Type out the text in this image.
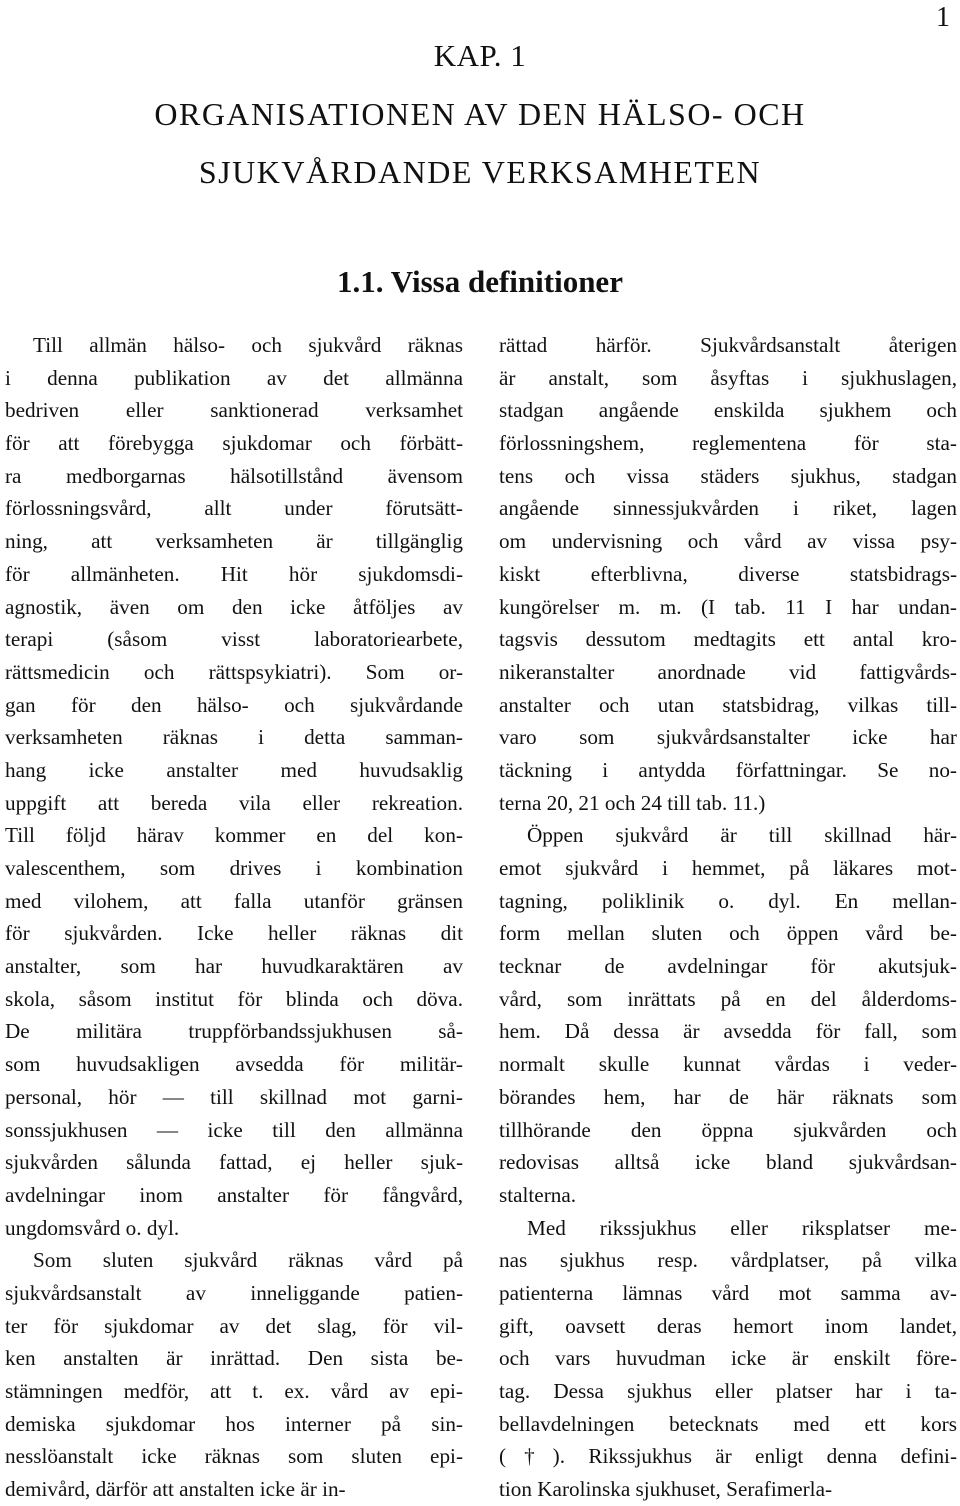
1
KAP. 1
ORGANISATIONEN AV DEN HÄLSO- OCH
SJUKVÅRDANDE VERKSAMHETEN
1.1. Vissa definitioner
Till allmän hälso- och sjukvård räknas
i denna publikation av det allmänna
bedriven eller sanktionerad verksamhet
för att förebygga sjukdomar och förbätt-
ra medborgarnas hälsotillstånd ävensom
förlossningsvård, allt under förutsätt-
ning, att verksamheten är tillgänglig
för allmänheten. Hit hör sjukdomsdi-
agnostik, även om den icke åtföljes av
terapi (såsom visst laboratoriearbete,
rättsmedicin och rättspsykiatri). Som or-
gan för den hälso- och sjukvårdande
verksamheten räknas i detta samman-
hang icke anstalter med huvudsaklig
uppgift att bereda vila eller rekreation.
Till följd härav kommer en del kon-
valescenthem, som drives i kombination
med vilohem, att falla utanför gränsen
för sjukvården. Icke heller räknas dit
anstalter, som har huvudkaraktären av
skola, såsom institut för blinda och döva.
De militära truppförbandssjukhusen så-
som huvudsakligen avsedda för militär-
personal, hör — till skillnad mot garni-
sonssjukhusen — icke till den allmänna
sjukvården sålunda fattad, ej heller sjuk-
avdelningar inom anstalter för fångvård,
ungdomsvård o. dyl.
Som sluten sjukvård räknas vård på
sjukvårdsanstalt av inneliggande patien-
ter för sjukdomar av det slag, för vil-
ken anstalten är inrättad. Den sista be-
stämningen medför, att t. ex. vård av epi-
demiska sjukdomar hos interner på sin-
nesslöanstalt icke räknas som sluten epi-
demivård, därför att anstalten icke är in-
rättad härför. Sjukvårdsanstalt återigen
är anstalt, som åsyftas i sjukhuslagen,
stadgan angående enskilda sjukhem och
förlossningshem, reglementena för sta-
tens och vissa städers sjukhus, stadgan
angående sinnessjukvården i riket, lagen
om undervisning och vård av vissa psy-
kiskt efterblivna, diverse statsbidrags-
kungörelser m. m. (I tab. 11 I har undan-
tagsvis dessutom medtagits ett antal kro-
nikeranstalter anordnade vid fattigvårds-
anstalter och utan statsbidrag, vilkas till-
varo som sjukvårdsanstalter icke har
täckning i antydda författningar. Se no-
terna 20, 21 och 24 till tab. 11.)
Öppen sjukvård är till skillnad här-
emot sjukvård i hemmet, på läkares mot-
tagning, poliklinik o. dyl. En mellan-
form mellan sluten och öppen vård be-
tecknar de avdelningar för akutsjuk-
vård, som inrättats på en del ålderdoms-
hem. Då dessa är avsedda för fall, som
normalt skulle kunnat vårdas i veder-
börandes hem, har de här räknats som
tillhörande den öppna sjukvården och
redovisas alltså icke bland sjukvårdsan-
stalterna.
Med rikssjukhus eller riksplatser me-
nas sjukhus resp. vårdplatser, på vilka
patienterna lämnas vård mot samma av-
gift, oavsett deras hemort inom landet,
och vars huvudman icke är enskilt före-
tag. Dessa sjukhus eller platser har i ta-
bellavdelningen betecknats med ett kors
(†). Rikssjukhus är enligt denna defini-
tion Karolinska sjukhuset, Serafimerla-
